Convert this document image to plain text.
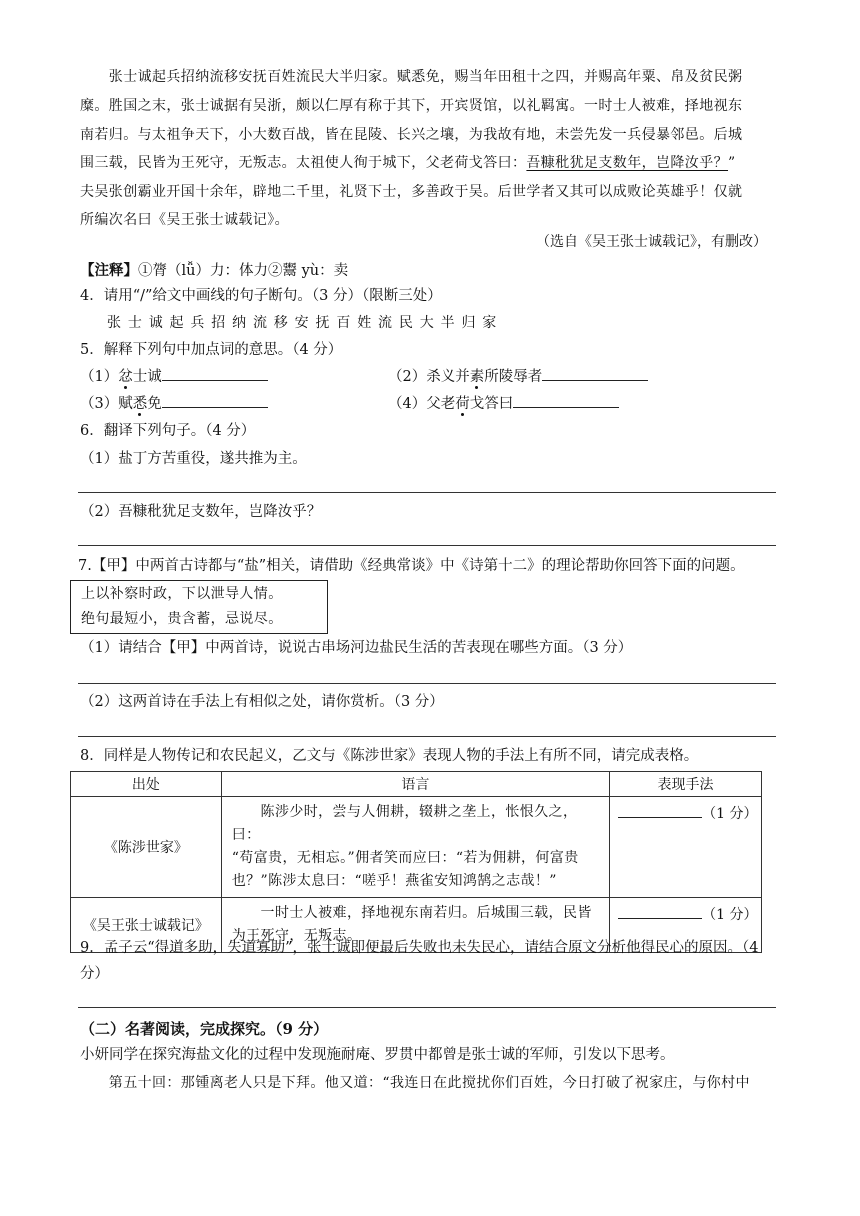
　　张士诚起兵招纳流移安抚百姓流民大半归家。赋悉免，赐当年田租十之四，并赐高年粟、帛及贫民粥
糜。胜国之末，张士诚据有吴浙，颇以仁厚有称于其下，开宾贤馆，以礼羁寓。一时士人被难，择地视东
南若归。与太祖争天下，小大数百战，皆在昆陵、长兴之壤，为我故有地，未尝先发一兵侵暴邻邑。后城
围三载，民皆为王死守，无叛志。太祖使人徇于城下，父老荷戈答曰：吾糠秕犹足支数年，岂降汝乎？”
夫吴张创霸业开国十余年，辟地二千里，礼贤下士，多善政于吴。后世学者又其可以成败论英雄乎！仅就
所编次名曰《吴王张士诚载记》。
（选自《吴王张士诚载记》，有删改）
【注释】①膂（lǚ）力：体力②鬻 yù：卖
4．请用“/”给文中画线的句子断句。（3 分）（限断三处）
张 士 诚 起 兵 招 纳 流 移 安 抚 百 姓 流 民 大 半 归 家
5．解释下列句中加点词的意思。（4 分）
（1）忿士诚	（2）杀义并素所陵辱者
（3）赋悉免	（4）父老荷戈答曰
6．翻译下列句子。（4 分）
（1）盐丁方苦重役，遂共推为主。
（2）吾糠秕犹足支数年，岂降汝乎？
7.【甲】中两首古诗都与“盐”相关，请借助《经典常谈》中《诗第十二》的理论帮助你回答下面的问题。
上以补察时政，下以泄导人情。
绝句最短小，贵含蓄，忌说尽。
（1）请结合【甲】中两首诗，说说古串场河边盐民生活的苦表现在哪些方面。（3 分）
（2）这两首诗在手法上有相似之处，请你赏析。（3 分）
8．同样是人物传记和农民起义，乙文与《陈涉世家》表现人物的手法上有所不同，请完成表格。
出处	语言	表现手法
《陈涉世家》	　　陈涉少时，尝与人佣耕，辍耕之垄上，怅恨久之，曰：
“苟富贵，无相忘。”佣者笑而应曰：“若为佣耕，何富贵
也？”陈涉太息曰：“嗟乎！燕雀安知鸿鹄之志哉！”	（1 分）
《吴王张士诚载记》	　　一时士人被难，择地视东南若归。后城围三载，民皆
为王死守，无叛志。	（1 分）
9．孟子云“得道多助，失道寡助”，张士诚即便最后失败也未失民心，请结合原文分析他得民心的原因。（4
分）
（二）名著阅读，完成探究。（9 分）
小妍同学在探究海盐文化的过程中发现施耐庵、罗贯中都曾是张士诚的军师，引发以下思考。
　　第五十回：那锺离老人只是下拜。他又道：“我连日在此搅扰你们百姓，今日打破了祝家庄，与你村中
